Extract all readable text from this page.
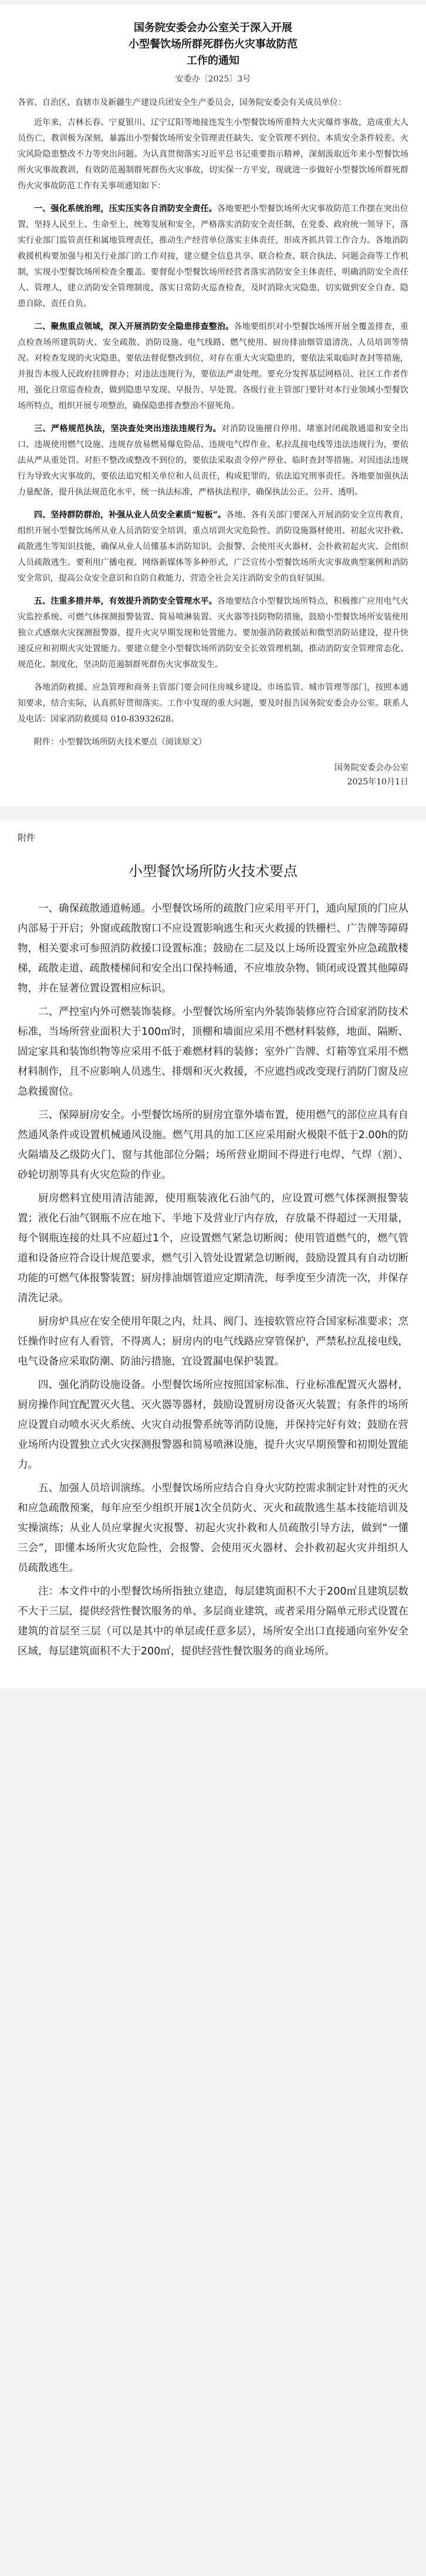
国务院安委会办公室关于深入开展

小型餐饮场所群死群伤火灾事故防范

工作的通知

安委办〔2025〕3号

各省、自治区、直辖市及新疆生产建设兵团安全生产委员会，国务院安委会有关成员单位：

近年来，吉林长春、宁夏银川、辽宁辽阳等地接连发生小型餐饮场所重特大火灾爆炸事故，造成重大人员伤亡，教训极为深刻，暴露出小型餐饮场所安全管理责任缺失、安全管理不到位、本质安全条件较差、火灾风险隐患整改不力等突出问题。为认真贯彻落实习近平总书记重要指示精神，深刻汲取近年来小型餐饮场所火灾事故教训，有效防范遏制群死群伤火灾事故，切实保一方平安，现就进一步做好小型餐饮场所群死群伤火灾事故防范工作有关事项通知如下：

一、强化系统治理，压实压实各自消防安全责任。各地要把小型餐饮场所火灾事故防范工作摆在突出位置，坚持人民至上、生命至上，统筹发展和安全，严格落实消防安全责任制，在党委、政府统一领导下，落实行业部门监管责任和属地管理责任，推动生产经营单位落实主体责任，形成齐抓共管工作合力。各地消防救援机构要加强与相关行业部门的工作对接，建立健全信息共享、联合检查、联合执法、问题会商等工作机制，实现小型餐饮场所检查全覆盖。要督促小型餐饮场所经营者落实消防安全主体责任，明确消防安全责任人、管理人，建立消防安全管理制度，落实日常防火巡查检查，及时消除火灾隐患，切实做到安全自查、隐患自除、责任自负。

二、聚焦重点领域，深入开展消防安全隐患排查整治。各地要组织对小型餐饮场所开展全覆盖排查，重点检查场所建筑防火、安全疏散、消防设施、电气线路、燃气使用、厨房排油烟管道清洗、人员培训等情况。对检查发现的火灾隐患，要依法督促整改到位，对存在重大火灾隐患的，要依法采取临时查封等措施，并报告本级人民政府挂牌督办；对违法违规行为，要依法严肃处理。要充分发挥基层网格员、社区工作者作用，强化日常巡查检查，做到隐患早发现、早报告、早处置。各级行业主管部门要针对本行业领域小型餐饮场所特点，组织开展专项整治，确保隐患排查整治不留死角。

三、严格规范执法，坚决查处突出违法违规行为。对消防设施擅自停用、堵塞封闭疏散通道和安全出口、违规使用燃气设施、违规存放易燃易爆危险品、违规电气焊作业、私拉乱接电线等违法违规行为，要依法从严从重处罚。对拒不整改或整改不到位的，要依法采取责令停产停业、临时查封等措施。对因违法违规行为导致火灾事故的，要依法追究相关单位和人员责任，构成犯罪的，依法追究刑事责任。各地要加强执法力量配备，提升执法规范化水平，统一执法标准，严格执法程序，确保执法公正、公开、透明。

四、坚持群防群治，补强从业人员安全素质“短板”。各地、各有关部门要深入开展消防安全宣传教育，组织开展小型餐饮场所从业人员消防安全培训，重点培训火灾危险性、消防设施器材使用、初起火灾扑救、疏散逃生等知识技能，确保从业人员懂基本消防知识、会报警、会使用灭火器材、会扑救初起火灾、会组织人员疏散逃生。要利用广播电视、网络新媒体等多种形式，广泛宣传小型餐饮场所火灾事故典型案例和消防安全常识，提高公众安全意识和自防自救能力，营造全社会关注消防安全的良好氛围。

五、注重多措并举，有效提升消防安全管理水平。各地要结合小型餐饮场所特点，积极推广应用电气火灾监控系统、可燃气体探测报警装置、简易喷淋装置、灭火器等技防物防措施，鼓励小型餐饮场所安装使用独立式感烟火灾探测报警器，提升火灾早期发现和处置能力。要加强消防救援站和微型消防站建设，提升快速反应和初期火灾处置能力。要建立健全小型餐饮场所消防安全长效管理机制，推动消防安全管理常态化、规范化、制度化，坚决防范遏制群死群伤火灾事故发生。

各地消防救援、应急管理和商务主管部门要会同住房城乡建设、市场监管、城市管理等部门，按照本通知要求，结合实际，认真抓好贯彻落实。工作中发现的重大问题，要及时报告国务院安委会办公室。联系人及电话：国家消防救援局 010-83932628。

附件：小型餐饮场所防火技术要点（阅读原文）

国务院安委会办公室

2025年10月1日

附件

小型餐饮场所防火技术要点

一、确保疏散通道畅通。小型餐饮场所的疏散门应采用平开门，通向屋顶的门应从内部易于开启；外窗或疏散窗口不应设置影响逃生和灭火救援的铁栅栏、广告牌等障碍物，相关要求可参照消防救援口设置标准；鼓励在二层及以上场所设置室外应急疏散楼梯，疏散走道、疏散楼梯间和安全出口保持畅通，不应堆放杂物、锁闭或设置其他障碍物，并在显著位置设置相应标识。

二、严控室内外可燃装饰装修。小型餐饮场所室内外装饰装修应符合国家消防技术标准，当场所营业面积大于100㎡时，顶棚和墙面应采用不燃材料装修，地面、隔断、固定家具和装饰织物等应采用不低于难燃材料的装修；室外广告牌、灯箱等宜采用不燃材料制作，且不应影响人员逃生、排烟和灭火救援，不应遮挡或改变现行消防门窗及应急救援窗位。

三、保障厨房安全。小型餐饮场所的厨房宜靠外墙布置，使用燃气的部位应具有自然通风条件或设置机械通风设施。燃气用具的加工区应采用耐火极限不低于2.00h的防火隔墙及乙级防火门、窗与其他部位分隔；场所营业期间不得进行电焊、气焊（割）、砂轮切割等具有火灾危险的作业。

厨房燃料宜使用清洁能源，使用瓶装液化石油气的，应设置可燃气体探测报警装置；液化石油气钢瓶不应在地下、半地下及营业厅内存放，存放量不得超过一天用量，每个钢瓶连接的灶具不应超过1个，应设置燃气紧急切断阀；使用管道燃气的，燃气管道和设备应符合设计规范要求，燃气引入管处设置紧急切断阀，鼓励设置具有自动切断功能的可燃气体报警装置；厨房排油烟管道应定期清洗，每季度至少清洗一次，并保存清洗记录。

厨房炉具应在安全使用年限之内，灶具、阀门、连接软管应符合国家标准要求；烹饪操作时应有人看管，不得离人；厨房内的电气线路应穿管保护，严禁私拉乱接电线，电气设备应采取防潮、防油污措施，宜设置漏电保护装置。

四、强化消防设施设备。小型餐饮场所应按照国家标准、行业标准配置灭火器材，厨房操作间宜配置灭火毯、灭火器等器材，鼓励设置厨房设备灭火装置；有条件的场所应设置自动喷水灭火系统、火灾自动报警系统等消防设施，并保持完好有效；鼓励在营业场所内设置独立式火灾探测报警器和简易喷淋设施，提升火灾早期预警和初期处置能力。

五、加强人员培训演练。小型餐饮场所应结合自身火灾防控需求制定针对性的灭火和应急疏散预案，每年应至少组织开展1次全员防火、灭火和疏散逃生基本技能培训及实操演练；从业人员应掌握火灾报警、初起火灾扑救和人员疏散引导方法，做到“一懂三会”，即懂本场所火灾危险性，会报警、会使用灭火器材、会扑救初起火灾并组织人员疏散逃生。

注：本文件中的小型餐饮场所指独立建造，每层建筑面积不大于200㎡且建筑层数不大于三层，提供经营性餐饮服务的单、多层商业建筑，或者采用分隔单元形式设置在建筑的首层至三层（可以是其中的单层或任意多层），场所安全出口直接通向室外安全区域，每层建筑面积不大于200㎡，提供经营性餐饮服务的商业场所。
